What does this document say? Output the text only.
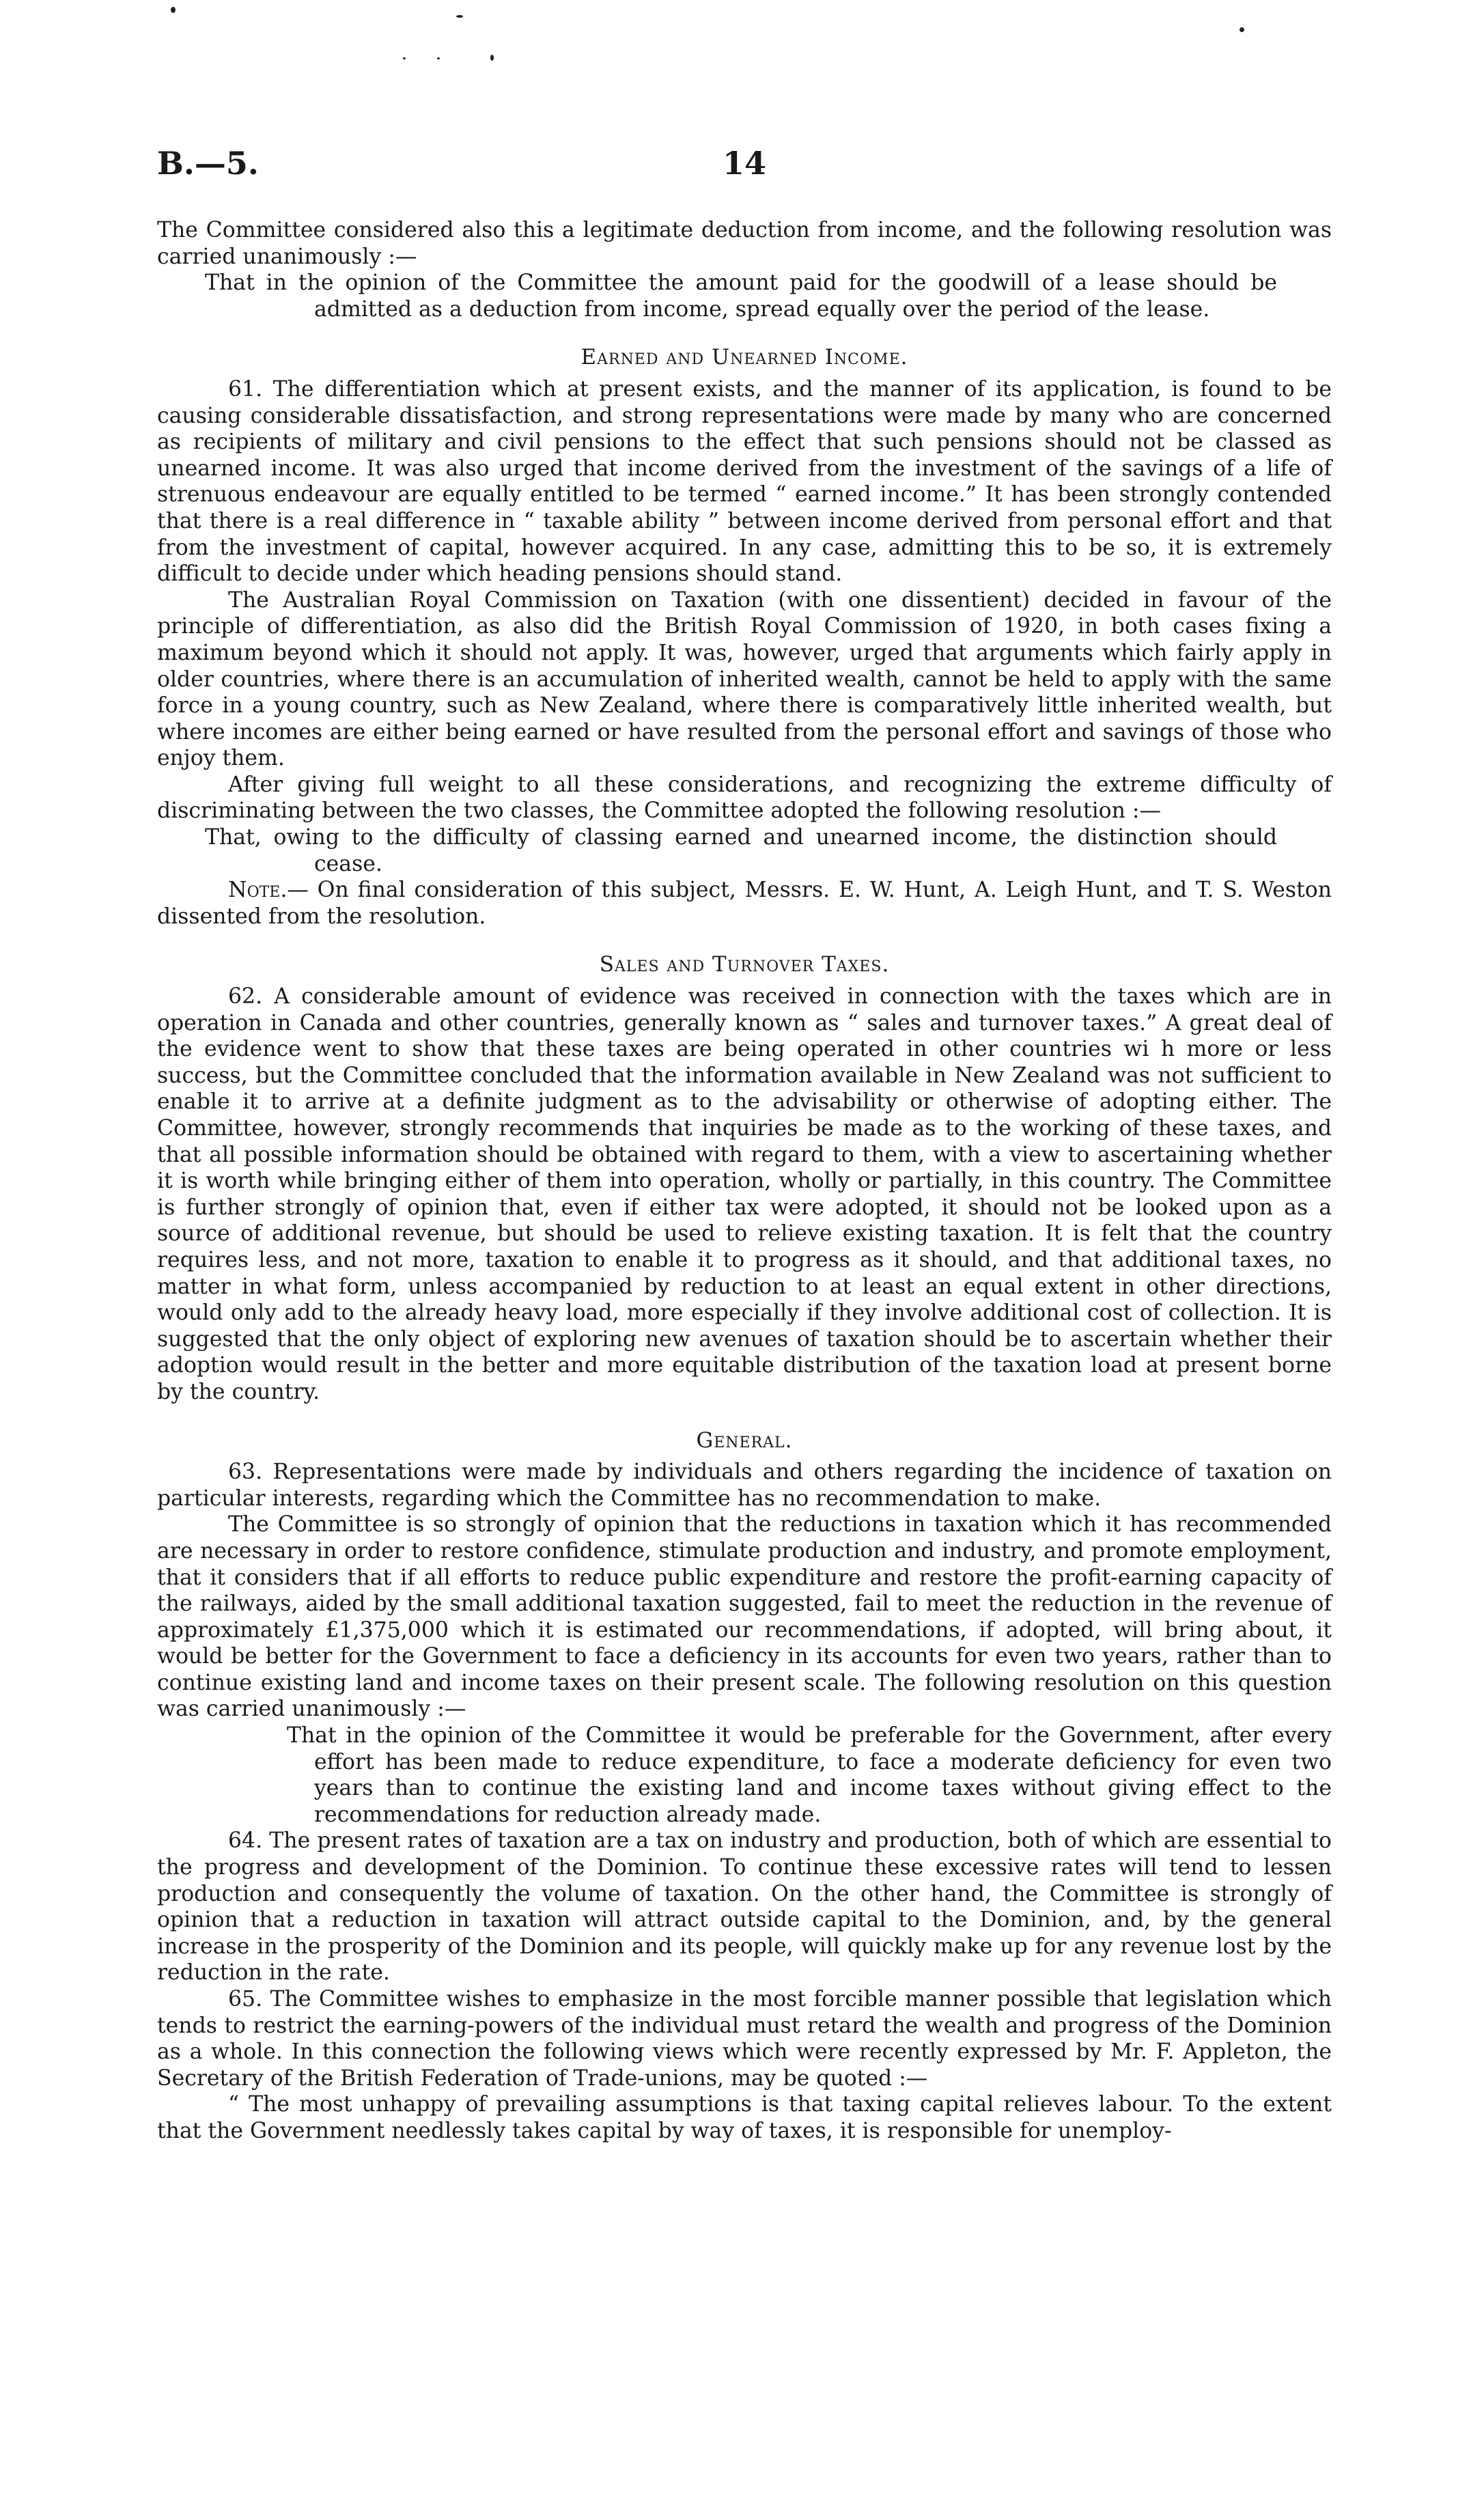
B.—5.	14

The Committee considered also this a legitimate deduction from income, and the following resolution was carried unanimously :—

That in the opinion of the Committee the amount paid for the goodwill of a lease should be admitted as a deduction from income, spread equally over the period of the lease.

Earned and Unearned Income.

61. The differentiation which at present exists, and the manner of its application, is found to be causing considerable dissatisfaction, and strong representations were made by many who are concerned as recipients of military and civil pensions to the effect that such pensions should not be classed as unearned income. It was also urged that income derived from the investment of the savings of a life of strenuous endeavour are equally entitled to be termed “ earned income.” It has been strongly contended that there is a real difference in “ taxable ability ” between income derived from personal effort and that from the investment of capital, however acquired. In any case, admitting this to be so, it is extremely difficult to decide under which heading pensions should stand.

The Australian Royal Commission on Taxation (with one dissentient) decided in favour of the principle of differentiation, as also did the British Royal Commission of 1920, in both cases fixing a maximum beyond which it should not apply. It was, however, urged that arguments which fairly apply in older countries, where there is an accumulation of inherited wealth, cannot be held to apply with the same force in a young country, such as New Zealand, where there is comparatively little inherited wealth, but where incomes are either being earned or have resulted from the personal effort and savings of those who enjoy them.

After giving full weight to all these considerations, and recognizing the extreme difficulty of discriminating between the two classes, the Committee adopted the following resolution :—

That, owing to the difficulty of classing earned and unearned income, the distinction should cease.

Note.— On final consideration of this subject, Messrs. E. W. Hunt, A. Leigh Hunt, and T. S. Weston dissented from the resolution.

Sales and Turnover Taxes.

62. A considerable amount of evidence was received in connection with the taxes which are in operation in Canada and other countries, generally known as “ sales and turnover taxes.” A great deal of the evidence went to show that these taxes are being operated in other countries wi h more or less success, but the Committee concluded that the information available in New Zealand was not sufficient to enable it to arrive at a definite judgment as to the advisability or otherwise of adopting either. The Committee, however, strongly recommends that inquiries be made as to the working of these taxes, and that all possible information should be obtained with regard to them, with a view to ascertaining whether it is worth while bringing either of them into operation, wholly or partially, in this country. The Committee is further strongly of opinion that, even if either tax were adopted, it should not be looked upon as a source of additional revenue, but should be used to relieve existing taxation. It is felt that the country requires less, and not more, taxation to enable it to progress as it should, and that additional taxes, no matter in what form, unless accompanied by reduction to at least an equal extent in other directions, would only add to the already heavy load, more especially if they involve additional cost of collection. It is suggested that the only object of exploring new avenues of taxation should be to ascertain whether their adoption would result in the better and more equitable distribution of the taxation load at present borne by the country.

General.

63. Representations were made by individuals and others regarding the incidence of taxation on particular interests, regarding which the Committee has no recommendation to make.

The Committee is so strongly of opinion that the reductions in taxation which it has recommended are necessary in order to restore confidence, stimulate production and industry, and promote employment, that it considers that if all efforts to reduce public expenditure and restore the profit-earning capacity of the railways, aided by the small additional taxation suggested, fail to meet the reduction in the revenue of approximately £1,375,000 which it is estimated our recommendations, if adopted, will bring about, it would be better for the Government to face a deficiency in its accounts for even two years, rather than to continue existing land and income taxes on their present scale. The following resolution on this question was carried unanimously :—

That in the opinion of the Committee it would be preferable for the Government, after every effort has been made to reduce expenditure, to face a moderate deficiency for even two years than to continue the existing land and income taxes without giving effect to the recommendations for reduction already made.

64. The present rates of taxation are a tax on industry and production, both of which are essential to the progress and development of the Dominion. To continue these excessive rates will tend to lessen production and consequently the volume of taxation. On the other hand, the Committee is strongly of opinion that a reduction in taxation will attract outside capital to the Dominion, and, by the general increase in the prosperity of the Dominion and its people, will quickly make up for any revenue lost by the reduction in the rate.

65. The Committee wishes to emphasize in the most forcible manner possible that legislation which tends to restrict the earning-powers of the individual must retard the wealth and progress of the Dominion as a whole. In this connection the following views which were recently expressed by Mr. F. Appleton, the Secretary of the British Federation of Trade-unions, may be quoted :—

“ The most unhappy of prevailing assumptions is that taxing capital relieves labour. To the extent that the Government needlessly takes capital by way of taxes, it is responsible for unemploy-
